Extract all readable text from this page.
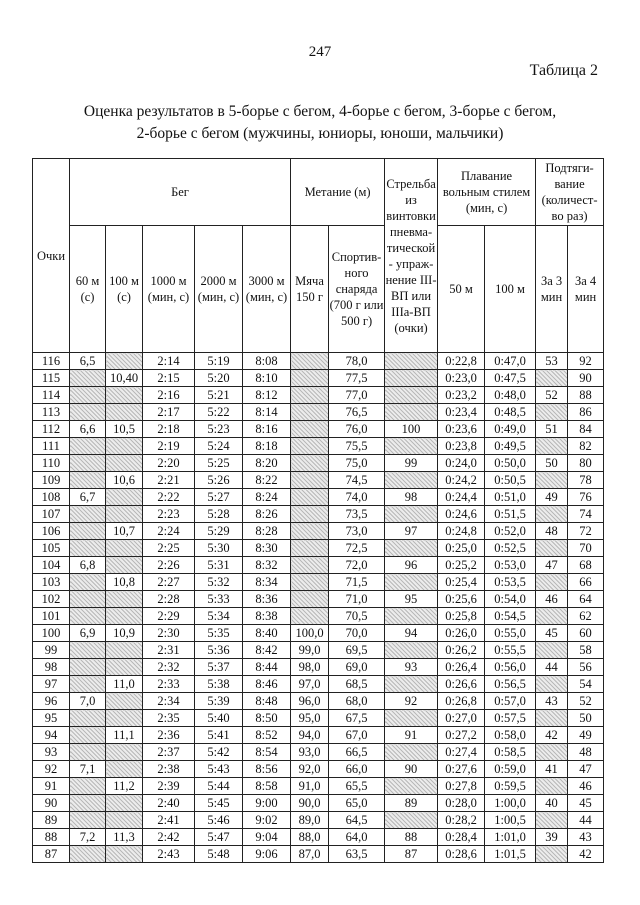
247
Таблица 2
Оценка результатов в 5-борье с бегом, 4-борье с бегом, 3-борье с бегом,
2-борье с бегом (мужчины, юниоры, юноши, мальчики)
Очки	Бег					Метание (м)		Стрельба из винтовки пневма-тической - упраж-нение III-ВП или IIIа-ВП (очки)	Плавание вольным стилем (мин, с)		Подтяги-вание (количест-во раз)	
	60 м (с)	100 м (с)	1000 м (мин, с)	2000 м (мин, с)	3000 м (мин, с)	Мяча 150 г	Спортив-ного снаряда (700 г или 500 г)		50 м	100 м	За 3 мин	За 4 мин
116	6,5		2:14	5:19	8:08		78,0		0:22,8	0:47,0	53	92
115		10,40	2:15	5:20	8:10		77,5		0:23,0	0:47,5		90
114			2:16	5:21	8:12		77,0		0:23,2	0:48,0	52	88
113			2:17	5:22	8:14		76,5		0:23,4	0:48,5		86
112	6,6	10,5	2:18	5:23	8:16		76,0	100	0:23,6	0:49,0	51	84
111			2:19	5:24	8:18		75,5		0:23,8	0:49,5		82
110			2:20	5:25	8:20		75,0	99	0:24,0	0:50,0	50	80
109		10,6	2:21	5:26	8:22		74,5		0:24,2	0:50,5		78
108	6,7		2:22	5:27	8:24		74,0	98	0:24,4	0:51,0	49	76
107			2:23	5:28	8:26		73,5		0:24,6	0:51,5		74
106		10,7	2:24	5:29	8:28		73,0	97	0:24,8	0:52,0	48	72
105			2:25	5:30	8:30		72,5		0:25,0	0:52,5		70
104	6,8		2:26	5:31	8:32		72,0	96	0:25,2	0:53,0	47	68
103		10,8	2:27	5:32	8:34		71,5		0:25,4	0:53,5		66
102			2:28	5:33	8:36		71,0	95	0:25,6	0:54,0	46	64
101			2:29	5:34	8:38		70,5		0:25,8	0:54,5		62
100	6,9	10,9	2:30	5:35	8:40	100,0	70,0	94	0:26,0	0:55,0	45	60
99			2:31	5:36	8:42	99,0	69,5		0:26,2	0:55,5		58
98			2:32	5:37	8:44	98,0	69,0	93	0:26,4	0:56,0	44	56
97		11,0	2:33	5:38	8:46	97,0	68,5		0:26,6	0:56,5		54
96	7,0		2:34	5:39	8:48	96,0	68,0	92	0:26,8	0:57,0	43	52
95			2:35	5:40	8:50	95,0	67,5		0:27,0	0:57,5		50
94		11,1	2:36	5:41	8:52	94,0	67,0	91	0:27,2	0:58,0	42	49
93			2:37	5:42	8:54	93,0	66,5		0:27,4	0:58,5		48
92	7,1		2:38	5:43	8:56	92,0	66,0	90	0:27,6	0:59,0	41	47
91		11,2	2:39	5:44	8:58	91,0	65,5		0:27,8	0:59,5		46
90			2:40	5:45	9:00	90,0	65,0	89	0:28,0	1:00,0	40	45
89			2:41	5:46	9:02	89,0	64,5		0:28,2	1:00,5		44
88	7,2	11,3	2:42	5:47	9:04	88,0	64,0	88	0:28,4	1:01,0	39	43
87			2:43	5:48	9:06	87,0	63,5	87	0:28,6	1:01,5		42
